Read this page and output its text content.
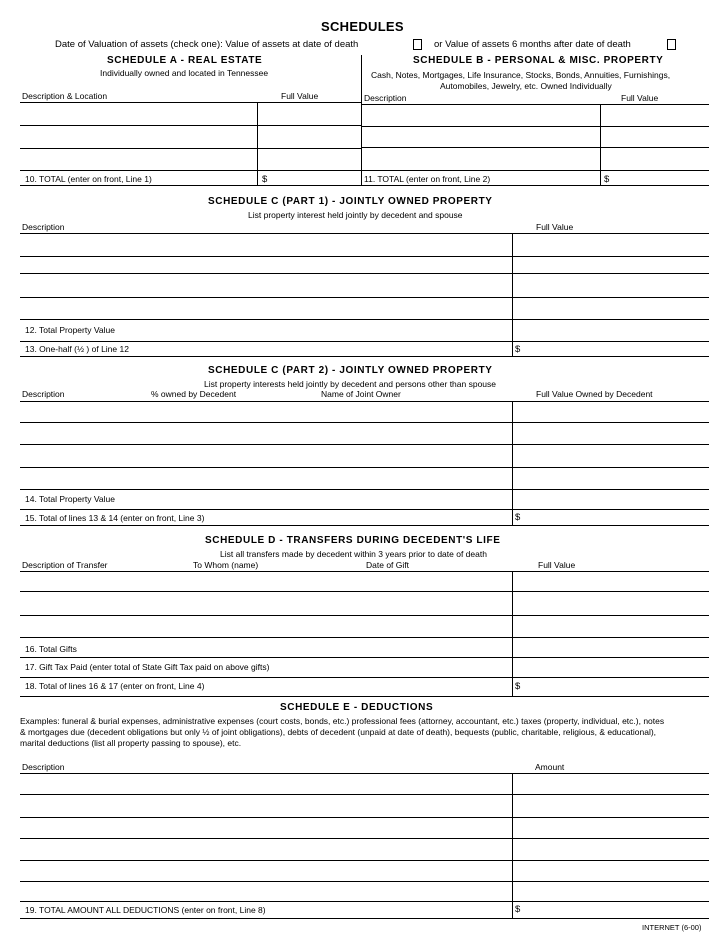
SCHEDULES
Date of Valuation of assets (check one): Value of assets at date of death	or Value of assets 6 months after date of death
SCHEDULE A - REAL ESTATE
Individually owned and located in Tennessee
SCHEDULE B - PERSONAL & MISC. PROPERTY
Cash, Notes, Mortgages, Life Insurance, Stocks, Bonds, Annuities, Furnishings,
Automobiles, Jewelry, etc. Owned Individually
Description & Location	Full Value	Description	Full Value
10. TOTAL (enter on front, Line 1)	$	11. TOTAL (enter on front, Line 2)	$
SCHEDULE C (PART 1) - JOINTLY OWNED PROPERTY
List property interest held jointly by decedent and spouse
Description	Full Value
12. Total Property Value
13. One-half (½ ) of Line 12	$
SCHEDULE C (PART 2) - JOINTLY OWNED PROPERTY
List property interests held jointly by decedent and persons other than spouse
Description	% owned by Decedent	Name of Joint Owner	Full Value Owned by Decedent
14. Total Property Value
15. Total of lines 13 & 14 (enter on front, Line 3)	$
SCHEDULE D - TRANSFERS DURING DECEDENT'S LIFE
List all transfers made by decedent within 3 years prior to date of death
Description of Transfer	To Whom (name)	Date of Gift	Full Value
16. Total Gifts
17. Gift Tax Paid (enter total of State Gift Tax paid on above gifts)
18. Total of lines 16 & 17 (enter on front, Line 4)	$
SCHEDULE E - DEDUCTIONS
Examples: funeral & burial expenses, administrative expenses (court costs, bonds, etc.) professional fees (attorney, accountant, etc.) taxes (property, individual, etc.), notes
& mortgages due (decedent obligations but only ½ of joint obligations), debts of decedent (unpaid at date of death), bequests (public, charitable, religious, & educational),
marital deductions (list all property passing to spouse), etc.
Description	Amount
19. TOTAL AMOUNT ALL DEDUCTIONS (enter on front, Line 8)	$
INTERNET (6-00)
